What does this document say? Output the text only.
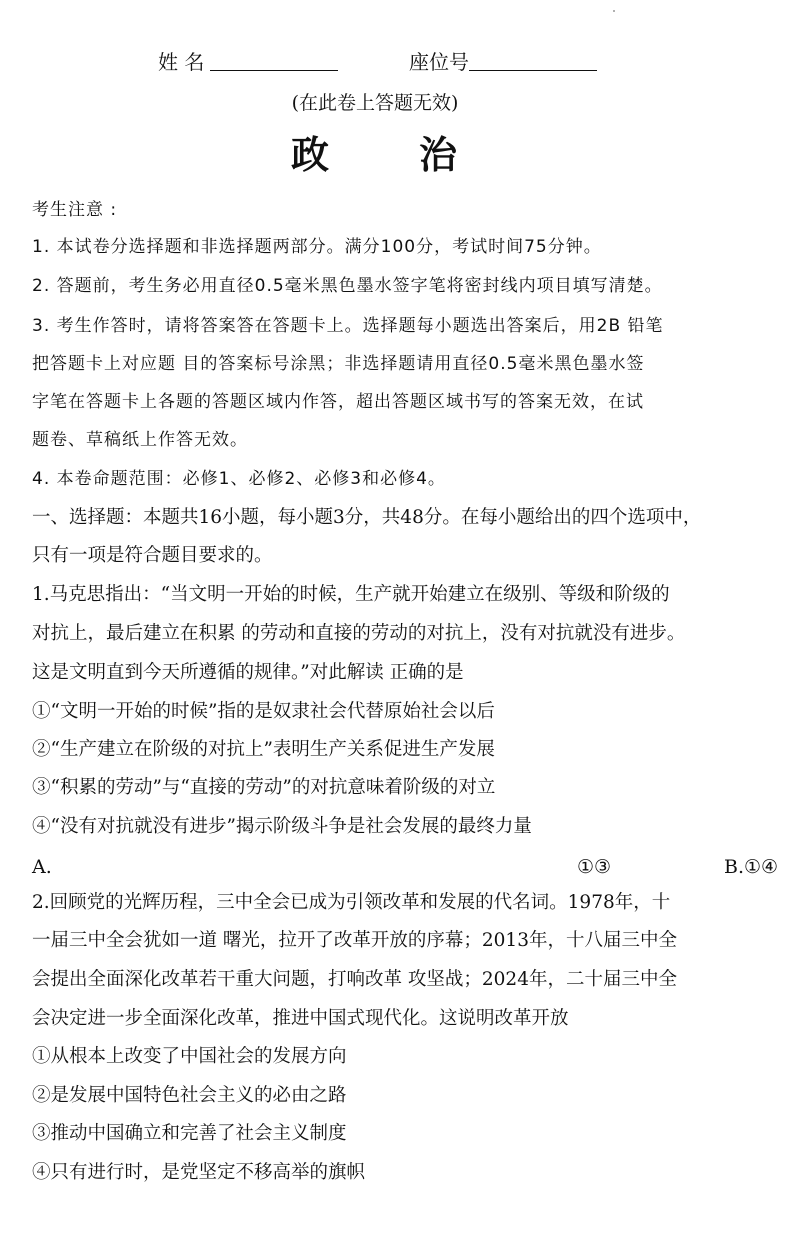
姓 名	座位号
(在此卷上答题无效)
政 治
考生注意 :
1. 本试卷分选择题和非选择题两部分。满分100分，考试时间75分钟。
2. 答题前，考生务必用直径0.5毫米黑色墨水签字笔将密封线内项目填写清楚。
3. 考生作答时，请将答案答在答题卡上。选择题每小题选出答案后，用2B 铅笔
把答题卡上对应题 目的答案标号涂黑；非选择题请用直径0.5毫米黑色墨水签
字笔在答题卡上各题的答题区域内作答，超出答题区域书写的答案无效，在试
题卷、草稿纸上作答无效。
4. 本卷命题范围：必修1、必修2、必修3和必修4。
一、选择题：本题共16小题，每小题3分，共48分。在每小题给出的四个选项中，
只有一项是符合题目要求的。
1.马克思指出：“当文明一开始的时候，生产就开始建立在级别、等级和阶级的
对抗上，最后建立在积累 的劳动和直接的劳动的对抗上，没有对抗就没有进步。
这是文明直到今天所遵循的规律。”对此解读 正确的是
①“文明一开始的时候”指的是奴隶社会代替原始社会以后
②“生产建立在阶级的对抗上”表明生产关系促进生产发展
③“积累的劳动”与“直接的劳动”的对抗意味着阶级的对立
④“没有对抗就没有进步”揭示阶级斗争是社会发展的最终力量
A.	①③	B.①④
2.回顾党的光辉历程，三中全会已成为引领改革和发展的代名词。1978年，十
一届三中全会犹如一道 曙光，拉开了改革开放的序幕；2013年，十八届三中全
会提出全面深化改革若干重大问题，打响改革 攻坚战；2024年，二十届三中全
会决定进一步全面深化改革，推进中国式现代化。这说明改革开放
①从根本上改变了中国社会的发展方向
②是发展中国特色社会主义的必由之路
③推动中国确立和完善了社会主义制度
④只有进行时，是党坚定不移高举的旗帜
